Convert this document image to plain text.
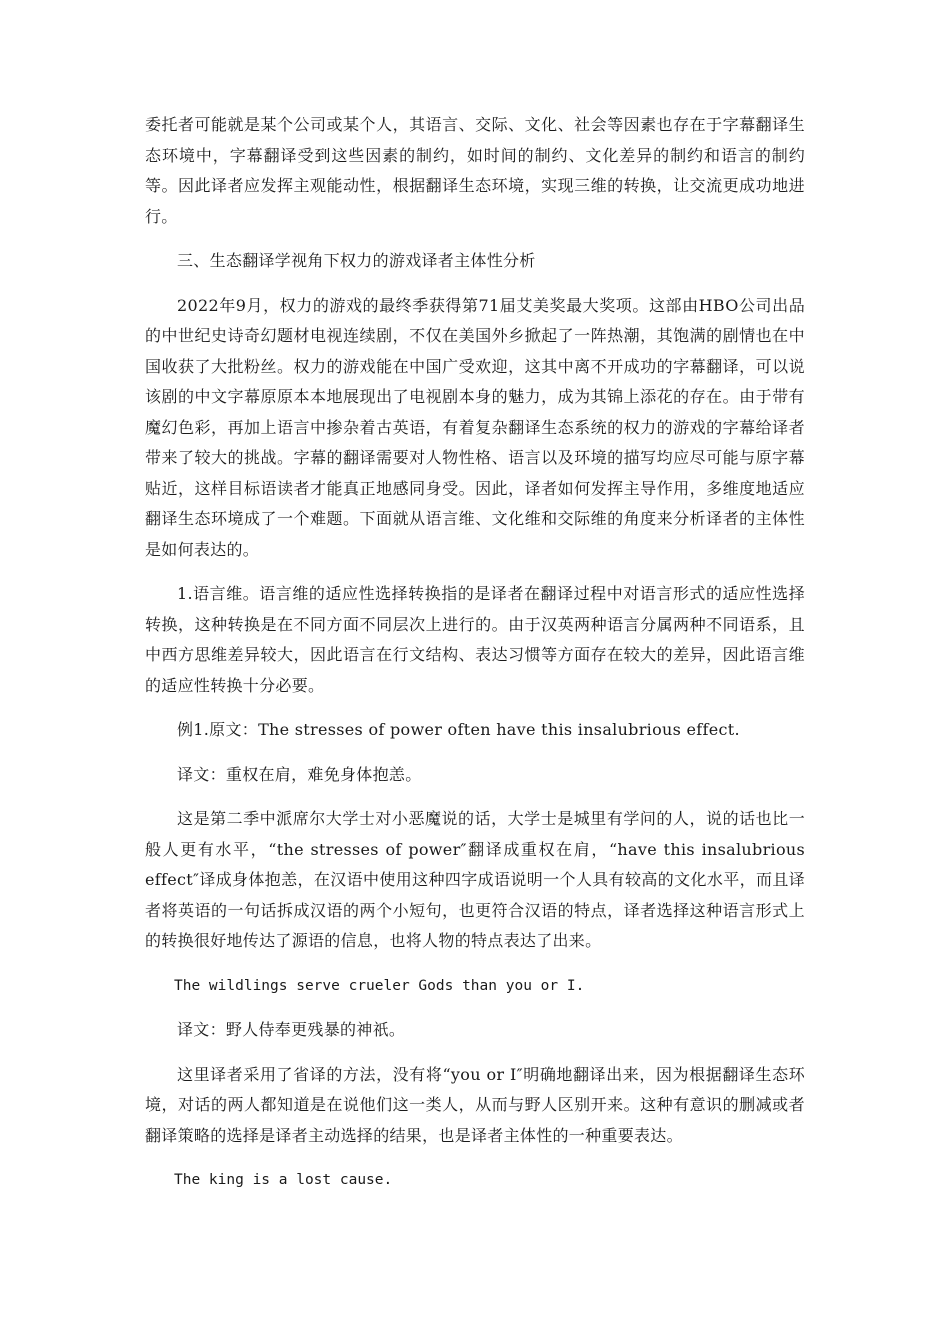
委托者可能就是某个公司或某个人，其语言、交际、文化、社会等因素也存在于字幕翻译生态环境中，字幕翻译受到这些因素的制约，如时间的制约、文化差异的制约和语言的制约等。因此译者应发挥主观能动性，根据翻译生态环境，实现三维的转换，让交流更成功地进行。

三、生态翻译学视角下权力的游戏译者主体性分析

2022年9月，权力的游戏的最终季获得第71届艾美奖最大奖项。这部由HBO公司出品的中世纪史诗奇幻题材电视连续剧，不仅在美国外乡掀起了一阵热潮，其饱满的剧情也在中国收获了大批粉丝。权力的游戏能在中国广受欢迎，这其中离不开成功的字幕翻译，可以说该剧的中文字幕原原本本地展现出了电视剧本身的魅力，成为其锦上添花的存在。由于带有魔幻色彩，再加上语言中掺杂着古英语，有着复杂翻译生态系统的权力的游戏的字幕给译者带来了较大的挑战。字幕的翻译需要对人物性格、语言以及环境的描写均应尽可能与原字幕贴近，这样目标语读者才能真正地感同身受。因此，译者如何发挥主导作用，多维度地适应翻译生态环境成了一个难题。下面就从语言维、文化维和交际维的角度来分析译者的主体性是如何表达的。

1.语言维。语言维的适应性选择转换指的是译者在翻译过程中对语言形式的适应性选择转换，这种转换是在不同方面不同层次上进行的。由于汉英两种语言分属两种不同语系，且中西方思维差异较大，因此语言在行文结构、表达习惯等方面存在较大的差异，因此语言维的适应性转换十分必要。

例1.原文：The stresses of power often have this insalubrious effect.

译文：重权在肩，难免身体抱恙。

这是第二季中派席尔大学士对小恶魔说的话，大学士是城里有学问的人，说的话也比一般人更有水平，“the stresses of power″翻译成重权在肩，“have this insalubrious effect″译成身体抱恙，在汉语中使用这种四字成语说明一个人具有较高的文化水平，而且译者将英语的一句话拆成汉语的两个小短句，也更符合汉语的特点，译者选择这种语言形式上的转换很好地传达了源语的信息，也将人物的特点表达了出来。

The wildlings serve crueler Gods than you or I.

译文：野人侍奉更残暴的神祇。

这里译者采用了省译的方法，没有将“you or I″明确地翻译出来，因为根据翻译生态环境，对话的两人都知道是在说他们这一类人，从而与野人区别开来。这种有意识的删减或者翻译策略的选择是译者主动选择的结果，也是译者主体性的一种重要表达。

The king is a lost cause.
